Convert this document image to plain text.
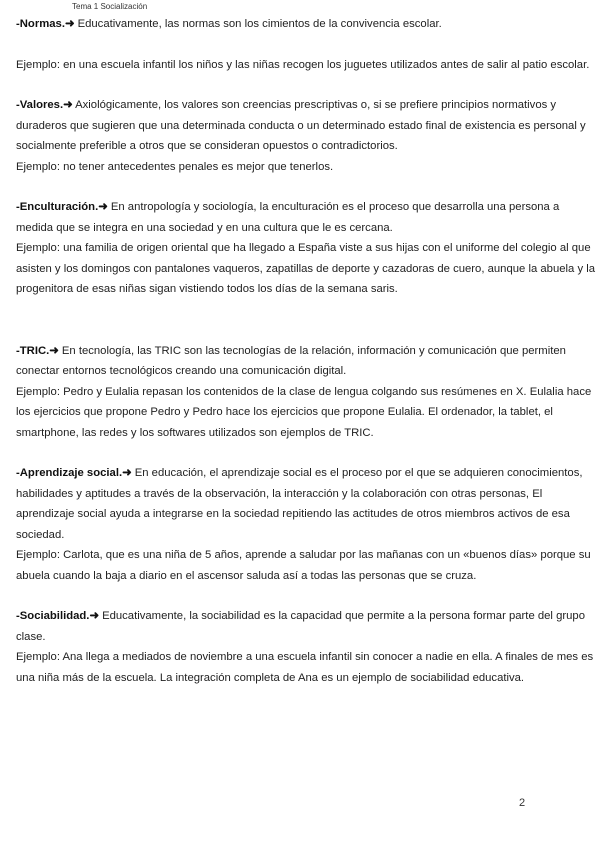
Tema 1 Socialización

-Normas.➜ Educativamente, las normas son los cimientos de la convivencia escolar.

Ejemplo: en una escuela infantil los niños y las niñas recogen los juguetes utilizados antes de salir al patio escolar.

-Valores.➜ Axiológicamente, los valores son creencias prescriptivas o, si se prefiere principios normativos y duraderos que sugieren que una determinada conducta o un determinado estado final de existencia es personal y socialmente preferible a otros que se consideran opuestos o contradictorios.

Ejemplo: no tener antecedentes penales es mejor que tenerlos.

-Enculturación.➜ En antropología y sociología, la enculturación es el proceso que desarrolla una persona a medida que se integra en una sociedad y en una cultura que le es cercana.

Ejemplo: una familia de origen oriental que ha llegado a España viste a sus hijas con el uniforme del colegio al que asisten y los domingos con pantalones vaqueros, zapatillas de deporte y cazadoras de cuero, aunque la abuela y la progenitora de esas niñas sigan vistiendo todos los días de la semana saris.

-TRIC.➜ En tecnología, las TRIC son las tecnologías de la relación, información y comunicación que permiten conectar entornos tecnológicos creando una comunicación digital.

Ejemplo: Pedro y Eulalia repasan los contenidos de la clase de lengua colgando sus resúmenes en X. Eulalia hace los ejercicios que propone Pedro y Pedro hace los ejercicios que propone Eulalia. El ordenador, la tablet, el smartphone, las redes y los softwares utilizados son ejemplos de TRIC.

-Aprendizaje social.➜ En educación, el aprendizaje social es el proceso por el que se adquieren conocimientos, habilidades y aptitudes a través de la observación, la interacción y la colaboración con otras personas, El aprendizaje social ayuda a integrarse en la sociedad repitiendo las actitudes de otros miembros activos de esa sociedad.

Ejemplo: Carlota, que es una niña de 5 años, aprende a saludar por las mañanas con un «buenos días» porque su abuela cuando la baja a diario en el ascensor saluda así a todas las personas que se cruza.

-Sociabilidad.➜ Educativamente, la sociabilidad es la capacidad que permite a la persona formar parte del grupo clase.

Ejemplo: Ana llega a mediados de noviembre a una escuela infantil sin conocer a nadie en ella. A finales de mes es una niña más de la escuela. La integración completa de Ana es un ejemplo de sociabilidad educativa.

2
